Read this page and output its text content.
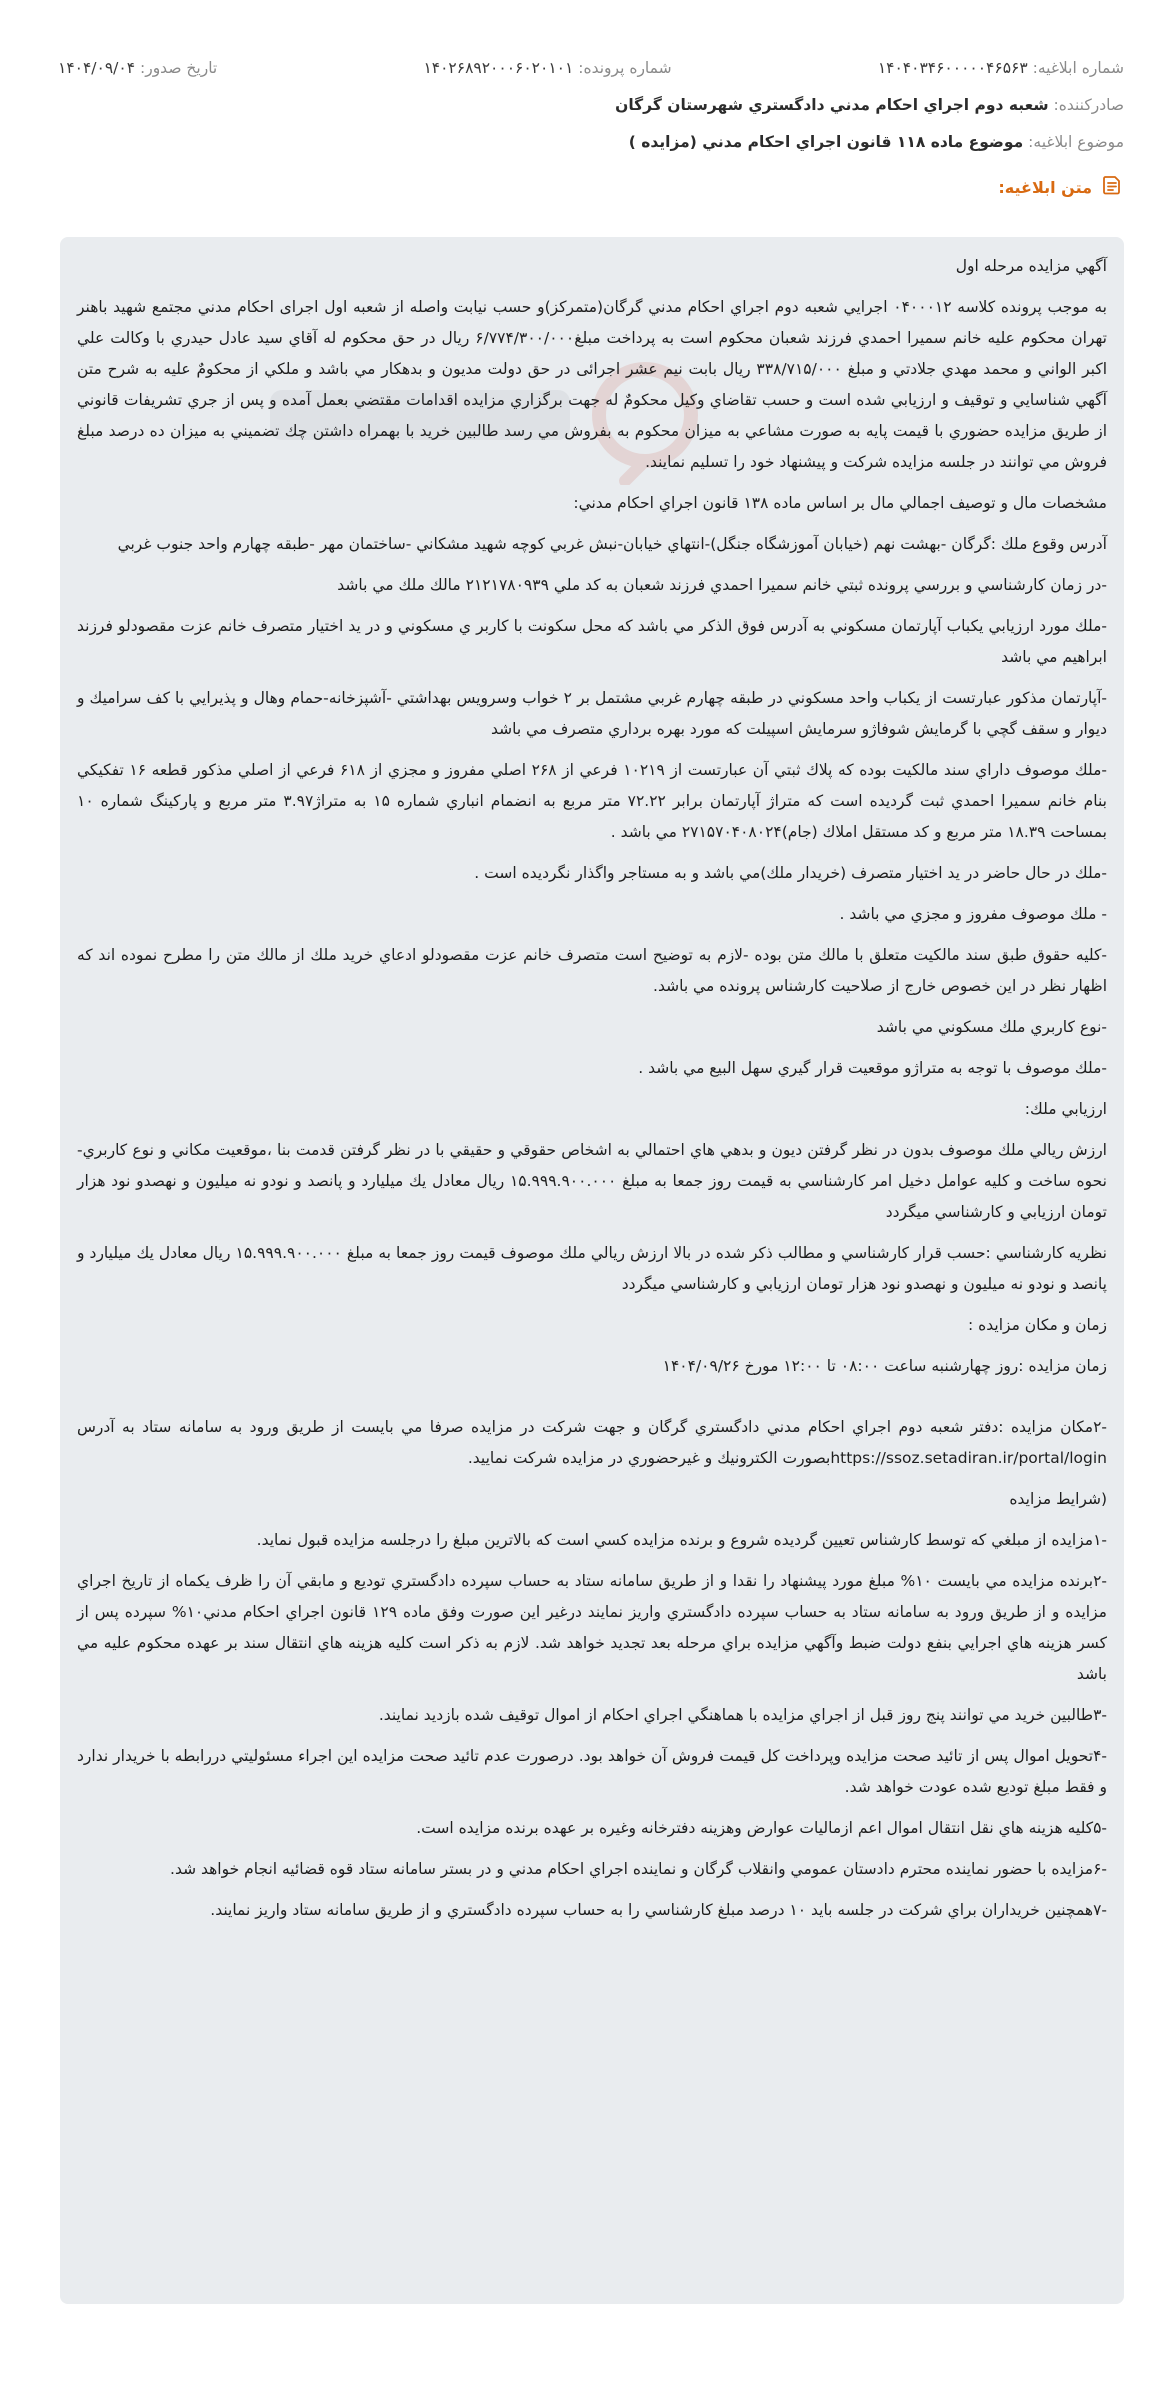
شماره ابلاغیه: ۱۴۰۴۰۳۴۶۰۰۰۰۰۴۶۵۶۳
شماره پرونده: ۱۴۰۲۶۸۹۲۰۰۰۶۰۲۰۱۰۱
تاریخ صدور: ۱۴۰۴/۰۹/۰۴
صادرکننده: شعبه دوم اجراي احكام مدني دادگستري شهرستان گرگان
موضوع ابلاغیه: موضوع ماده ۱۱۸ قانون اجراي احكام مدني (مزايده )
متن ابلاغیه:
آگهي مزايده مرحله اول
به موجب پرونده كلاسه ۰۴۰۰۰۱۲ اجرايي شعبه دوم اجراي احكام مدني گرگان(متمركز)و حسب نيابت واصله از شعبه اول اجرای احكام مدني مجتمع شهيد باهنر تهران محكوم عليه خانم سميرا احمدي فرزند شعبان محكوم است به پرداخت مبلغ۶/۷۷۴/۳۰۰/۰۰۰ ريال در حق محكوم له آقاي سيد عادل حيدري با وكالت علي اكبر الواني و محمد مهدي جلادتي و مبلغ ۳۳۸/۷۱۵/۰۰۰ ريال بابت نيم عشر اجرائی در حق دولت مديون و بدهكار مي باشد و ملكي از محكومٌ عليه به شرح متن آگهي شناسايي و توقيف و ارزيابي شده است و حسب تقاضاي وكيل محكومٌ له جهت برگزاري مزايده اقدامات مقتضي بعمل آمده و پس از جري تشريفات قانوني از طريق مزايده حضوري با قيمت پايه به صورت مشاعي به ميزان محكوم به بفروش مي رسد طالبين خريد با بهمراه داشتن چك تضميني به ميزان ده درصد مبلغ فروش مي توانند در جلسه مزايده شركت و پيشنهاد خود را تسليم نمايند.
مشخصات مال و توصيف اجمالي مال بر اساس ماده ۱۳۸ قانون اجراي احكام مدني:
آدرس وقوع ملك :گرگان -بهشت نهم (خيابان آموزشگاه جنگل)-انتهاي خيابان-نبش غربي كوچه شهيد مشكاني -ساختمان مهر -طبقه چهارم واحد جنوب غربي
-در زمان كارشناسي و بررسي پرونده ثبتي خانم سميرا احمدي فرزند شعبان به كد ملي ۲۱۲۱۷۸۰۹۳۹ مالك ملك مي باشد
-ملك مورد ارزيابي يكباب آپارتمان مسكوني به آدرس فوق الذكر مي باشد كه محل سكونت با كاربر ي مسكوني و در يد اختيار متصرف خانم عزت مقصودلو فرزند ابراهيم مي باشد
-آپارتمان مذكور عبارتست از يكباب واحد مسكوني در طبقه چهارم غربي مشتمل بر ۲ خواب وسرويس بهداشتي -آشپزخانه-حمام وهال و پذيرايي با كف سراميك و ديوار و سقف گچي با گرمايش شوفاژو سرمايش اسپيلت كه مورد بهره برداري متصرف مي باشد
-ملك موصوف داراي سند مالكيت بوده كه پلاك ثبتي آن عبارتست از ۱۰۲۱۹ فرعي از ۲۶۸ اصلي مفروز و مجزي از ۶۱۸ فرعي از اصلي مذكور قطعه ۱۶ تفكيكي بنام خانم سميرا احمدي ثبت گرديده است كه متراژ آپارتمان برابر ۷۲.۲۲ متر مربع به انضمام انباري شماره ۱۵ به متراژ۳.۹۷ متر مربع و پاركينگ شماره ۱۰ بمساحت ۱۸.۳۹ متر مربع و كد مستقل املاك (جام)۲۷۱۵۷۰۴۰۸۰۲۴ مي باشد .
-ملك در حال حاضر در يد اختيار متصرف (خريدار ملك)مي باشد و به مستاجر واگذار نگرديده است .
- ملك موصوف مفروز و مجزي مي باشد .
-كليه حقوق طبق سند مالكيت متعلق با مالك متن بوده -لازم به توضيح است متصرف خانم عزت مقصودلو ادعاي خريد ملك از مالك متن را مطرح نموده اند كه اظهار نظر در اين خصوص خارج از صلاحيت كارشناس پرونده مي باشد.
-نوع كاربري ملك مسكوني مي باشد
-ملك موصوف با توجه به متراژو موقعيت قرار گيري سهل البيع مي باشد .
ارزيابي ملك:
ارزش ريالي ملك موصوف بدون در نظر گرفتن ديون و بدهي هاي احتمالي به اشخاص حقوقي و حقيقي با در نظر گرفتن قدمت بنا ،موقعيت مكاني و نوع كاربري-نحوه ساخت و كليه عوامل دخيل امر كارشناسي به قيمت روز جمعا به مبلغ ۱۵.۹۹۹.۹۰۰.۰۰۰ ريال معادل يك ميليارد و پانصد و نودو نه ميليون و نهصدو نود هزار تومان ارزيابي و كارشناسي ميگردد
نظريه كارشناسي :حسب قرار كارشناسي و مطالب ذكر شده در بالا ارزش ريالي ملك موصوف قيمت روز جمعا به مبلغ ۱۵.۹۹۹.۹۰۰.۰۰۰ ريال معادل يك ميليارد و پانصد و نودو نه ميليون و نهصدو نود هزار تومان ارزيابي و كارشناسي ميگردد
زمان و مكان مزايده :
زمان مزايده :روز چهارشنبه ساعت ۰۸:۰۰ تا ۱۲:۰۰ مورخ ۱۴۰۴/۰۹/۲۶
-۲مكان مزايده :دفتر شعبه دوم اجراي احكام مدني دادگستري گرگان و جهت شركت در مزايده صرفا مي بايست از طريق ورود به سامانه ستاد به آدرس https://ssoz.setadiran.ir/portal/loginبصورت الكترونيك و غيرحضوري در مزايده شركت نماييد.
(شرايط مزايده
-۱مزايده از مبلغي كه توسط كارشناس تعيين گرديده شروع و برنده مزايده كسي است كه بالاترين مبلغ را درجلسه مزايده قبول نمايد.
-۲برنده مزايده مي بايست ۱۰% مبلغ مورد پيشنهاد را نقدا و از طريق سامانه ستاد به حساب سپرده دادگستري توديع و مابقي آن را ظرف يكماه از تاريخ اجراي مزايده و از طريق ورود به سامانه ستاد به حساب سپرده دادگستري واريز نمايند درغير اين صورت وفق ماده ۱۲۹ قانون اجراي احكام مدني۱۰% سپرده پس از كسر هزينه هاي اجرايي بنفع دولت ضبط وآگهي مزايده براي مرحله بعد تجديد خواهد شد. لازم به ذكر است كليه هزينه هاي انتقال سند بر عهده محكوم عليه مي باشد
-۳طالبين خريد مي توانند پنج روز قبل از اجراي مزايده با هماهنگي اجراي احكام از اموال توقيف شده بازديد نمايند.
-۴تحويل اموال پس از تائيد صحت مزايده وپرداخت كل قيمت فروش آن خواهد بود. درصورت عدم تائيد صحت مزايده اين اجراء مسئوليتي دررابطه با خريدار ندارد و فقط مبلغ توديع شده عودت خواهد شد.
-۵كليه هزينه هاي نقل انتقال اموال اعم ازماليات عوارض وهزينه دفترخانه وغيره بر عهده برنده مزايده است.
-۶مزايده با حضور نماينده محترم دادستان عمومي وانقلاب گرگان و نماينده اجراي احكام مدني و در بستر سامانه ستاد قوه قضائيه انجام خواهد شد.
-۷همچنين خريداران براي شركت در جلسه بايد ۱۰ درصد مبلغ كارشناسي را به حساب سپرده دادگستري و از طريق سامانه ستاد واريز نمايند.
